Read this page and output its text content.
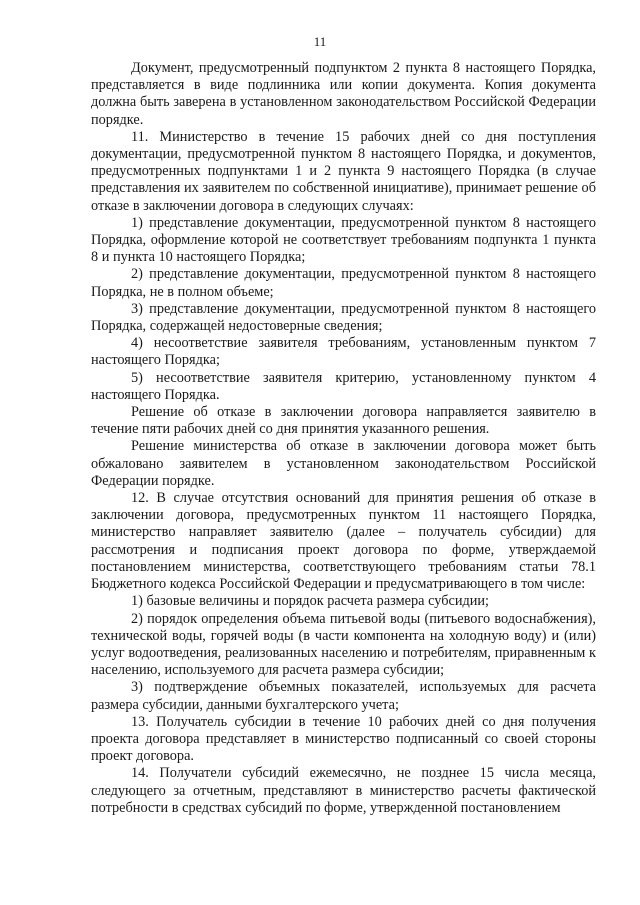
11

Документ, предусмотренный подпунктом 2 пункта 8 настоящего Порядка, представляется в виде подлинника или копии документа. Копия документа должна быть заверена в установленном законодательством Российской Федерации порядке.

11. Министерство в течение 15 рабочих дней со дня поступления документации, предусмотренной пунктом 8 настоящего Порядка, и документов, предусмотренных подпунктами 1 и 2 пункта 9 настоящего Порядка (в случае представления их заявителем по собственной инициативе), принимает решение об отказе в заключении договора в следующих случаях:

1) представление документации, предусмотренной пунктом 8 настоящего Порядка, оформление которой не соответствует требованиям подпункта 1 пункта 8 и пункта 10 настоящего Порядка;

2) представление документации, предусмотренной пунктом 8 настоящего Порядка, не в полном объеме;

3) представление документации, предусмотренной пунктом 8 настоящего Порядка, содержащей недостоверные сведения;

4) несоответствие заявителя требованиям, установленным пунктом 7 настоящего Порядка;

5) несоответствие заявителя критерию, установленному пунктом 4 настоящего Порядка.

Решение об отказе в заключении договора направляется заявителю в течение пяти рабочих дней со дня принятия указанного решения.

Решение министерства об отказе в заключении договора может быть обжаловано заявителем в установленном законодательством Российской Федерации порядке.

12. В случае отсутствия оснований для принятия решения об отказе в заключении договора, предусмотренных пунктом 11 настоящего Порядка, министерство направляет заявителю (далее – получатель субсидии) для рассмотрения и подписания проект договора по форме, утверждаемой постановлением министерства, соответствующего требованиям статьи 78.1 Бюджетного кодекса Российской Федерации и предусматривающего в том числе:

1) базовые величины и порядок расчета размера субсидии;

2) порядок определения объема питьевой воды (питьевого водоснабжения), технической воды, горячей воды (в части компонента на холодную воду) и (или) услуг водоотведения, реализованных населению и потребителям, приравненным к населению, используемого для расчета размера субсидии;

3) подтверждение объемных показателей, используемых для расчета размера субсидии, данными бухгалтерского учета;

13. Получатель субсидии в течение 10 рабочих дней со дня получения проекта договора представляет в министерство подписанный со своей стороны проект договора.

14. Получатели субсидий ежемесячно, не позднее 15 числа месяца, следующего за отчетным, представляют в министерство расчеты фактической потребности в средствах субсидий по форме, утвержденной постановлением
